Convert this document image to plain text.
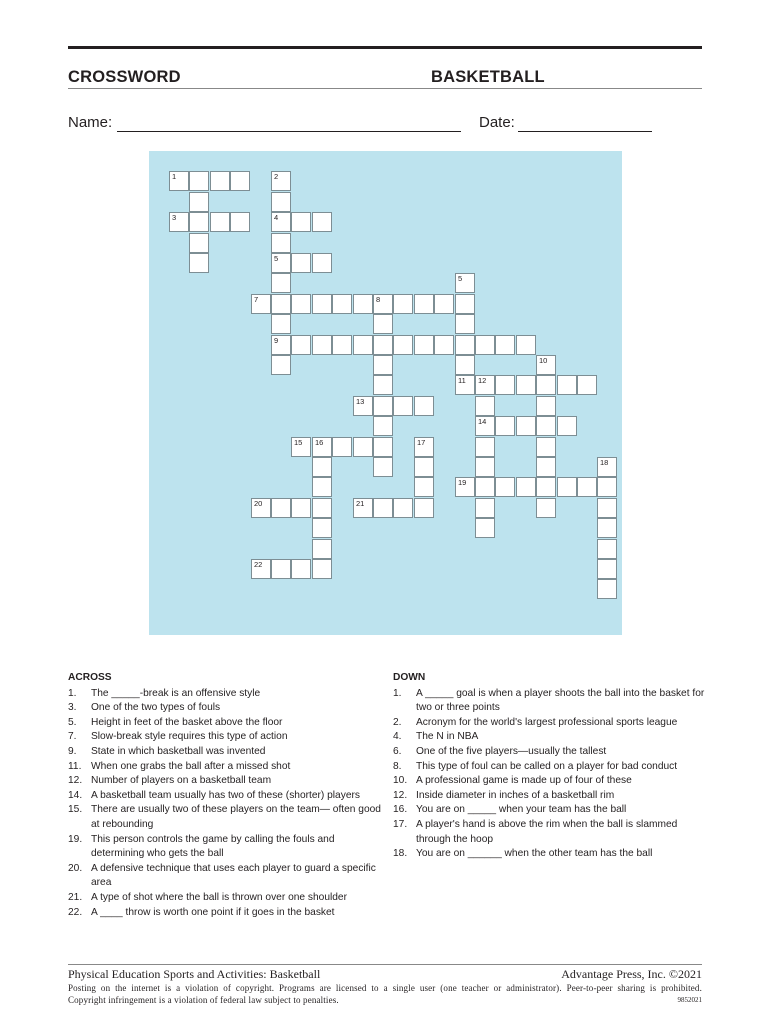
CROSSWORD	BASKETBALL
Name:	Date:
ACROSS
1.	The _____-break is an offensive style
3.	One of the two types of fouls
5.	Height in feet of the basket above the floor
7.	Slow-break style requires this type of action
9.	State in which basketball was invented
11. When one grabs the ball after a missed shot
12. Number of players on a basketball team
14. A basketball team usually has two of these (shorter) players
15. There are usually two of these players on the team— often good at rebounding
19. This person controls the game by calling the fouls and determining who gets the ball
20. A defensive technique that uses each player to guard a specific area
21. A type of shot where the ball is thrown over one shoulder
22. A ____ throw is worth one point if it goes in the basket
DOWN
1.	A _____ goal is when a player shoots the ball into the basket for two or three points
2.	Acronym for the world's largest professional sports league
4.	The N in NBA
6.	One of the five players—usually the tallest
8.	This type of foul can be called on a player for bad conduct
10. A professional game is made up of four of these
12. Inside diameter in inches of a basketball rim
16. You are on _____ when your team has the ball
17. A player's hand is above the rim when the ball is slammed through the hoop
18. You are on ______ when the other team has the ball
Physical Education Sports and Activities: Basketball	Advantage Press, Inc. ©2021
Posting on the internet is a violation of copyright. Programs are licensed to a single user (one teacher or administrator). Peer-to-peer sharing is prohibited.
Copyright infringement is a violation of federal law subject to penalties.	9852021
1	2
3	4
5
5
7	8
9
10
11 12
13
14
15 16	17
18
19
20	21
22
